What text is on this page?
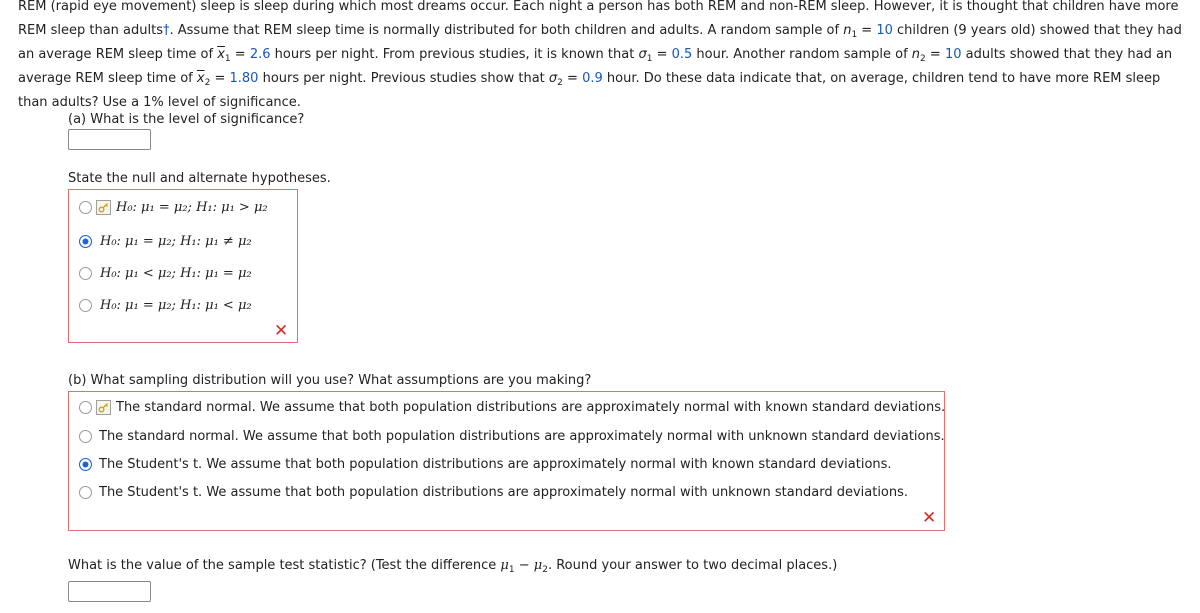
REM (rapid eye movement) sleep is sleep during which most dreams occur. Each night a person has both REM and non-REM sleep. However, it is thought that children have more REM sleep than adults†. Assume that REM sleep time is normally distributed for both children and adults. A random sample of $n_1 = 10$ children (9 years old) showed that they had an average REM sleep time of $\overline{x}_1 = 2.6$ hours per night. From previous studies, it is known that $\sigma_1 = 0.5$ hour. Another random sample of $n_2 = 10$ adults showed that they had an average REM sleep time of $\overline{x}_2 = 1.80$ hours per night. Previous studies show that $\sigma_2 = 0.9$ hour. Do these data indicate that, on average, children tend to have more REM sleep than adults? Use a 1% level of significance.
(a) What is the level of significance?
State the null and alternate hypotheses.
H₀: μ₁ = μ₂; H₁: μ₁ > μ₂
H₀: μ₁ = μ₂; H₁: μ₁ ≠ μ₂
H₀: μ₁ < μ₂; H₁: μ₁ = μ₂
H₀: μ₁ = μ₂; H₁: μ₁ < μ₂
✕
(b) What sampling distribution will you use? What assumptions are you making?
The standard normal. We assume that both population distributions are approximately normal with known standard deviations.
The standard normal. We assume that both population distributions are approximately normal with unknown standard deviations.
The Student's t. We assume that both population distributions are approximately normal with known standard deviations.
The Student's t. We assume that both population distributions are approximately normal with unknown standard deviations.
✕
What is the value of the sample test statistic? (Test the difference $\mu_1 - \mu_2$. Round your answer to two decimal places.)
